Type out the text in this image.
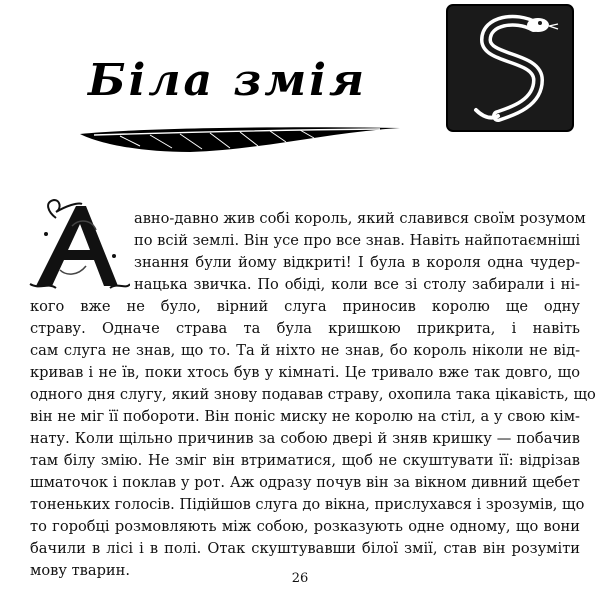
Біла змія
авно-давно жив собі король, який славився своїм розумом
по всій землі. Він усе про все знав. Навіть найпотаємніші
знання були йому відкриті! І була в короля одна чудер-
нацька звичка. По обіді, коли все зі столу забирали і ні-
кого вже не було, вірний слуга приносив королю ще одну
страву. Одначе страва та була кришкою прикрита, і навіть
сам слуга не знав, що то. Та й ніхто не знав, бо король ніколи не від-
кривав і не їв, поки хтось був у кімнаті. Це тривало вже так довго, що
одного дня слугу, який знову подавав страву, охопила така цікавість, що
він не міг її побороти. Він поніс миску не королю на стіл, а у свою кім-
нату. Коли щільно причинив за собою двері й зняв кришку — побачив
там білу змію. Не зміг він втриматися, щоб не скуштувати її: відрізав
шматочок і поклав у рот. Аж одразу почув він за вікном дивний щебет
тоненьких голосів. Підійшов слуга до вікна, прислухався і зрозумів, що
то горобці розмовляють між собою, розказують одне одному, що вони
бачили в лісі і в полі. Отак скуштувавши білої змії, став він розуміти
мову тварин.	26
